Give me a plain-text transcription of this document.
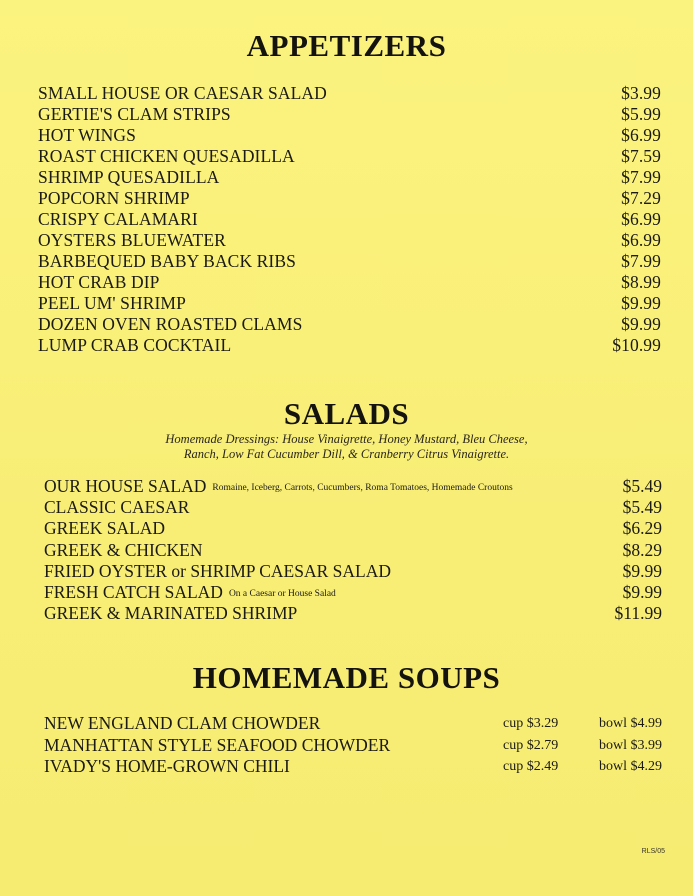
APPETIZERS
SMALL HOUSE OR CAESAR SALAD	$3.99
GERTIE'S CLAM STRIPS	$5.99
HOT WINGS	$6.99
ROAST CHICKEN QUESADILLA	$7.59
SHRIMP QUESADILLA	$7.99
POPCORN SHRIMP	$7.29
CRISPY CALAMARI	$6.99
OYSTERS BLUEWATER	$6.99
BARBEQUED BABY BACK RIBS	$7.99
HOT CRAB DIP	$8.99
PEEL UM' SHRIMP	$9.99
DOZEN OVEN ROASTED CLAMS	$9.99
LUMP CRAB COCKTAIL	$10.99
SALADS
Homemade Dressings: House Vinaigrette, Honey Mustard, Bleu Cheese,
Ranch, Low Fat Cucumber Dill, & Cranberry Citrus Vinaigrette.
OUR HOUSE SALAD Romaine, Iceberg, Carrots, Cucumbers, Roma Tomatoes, Homemade Croutons	$5.49
CLASSIC CAESAR	$5.49
GREEK SALAD	$6.29
GREEK & CHICKEN	$8.29
FRIED OYSTER or SHRIMP CAESAR SALAD	$9.99
FRESH CATCH SALAD On a Caesar or House Salad	$9.99
GREEK & MARINATED SHRIMP	$11.99
HOMEMADE SOUPS
NEW ENGLAND CLAM CHOWDER	cup $3.29	bowl $4.99
MANHATTAN STYLE SEAFOOD CHOWDER	cup $2.79	bowl $3.99
IVADY'S HOME-GROWN CHILI	cup $2.49	bowl $4.29
RLS/05
